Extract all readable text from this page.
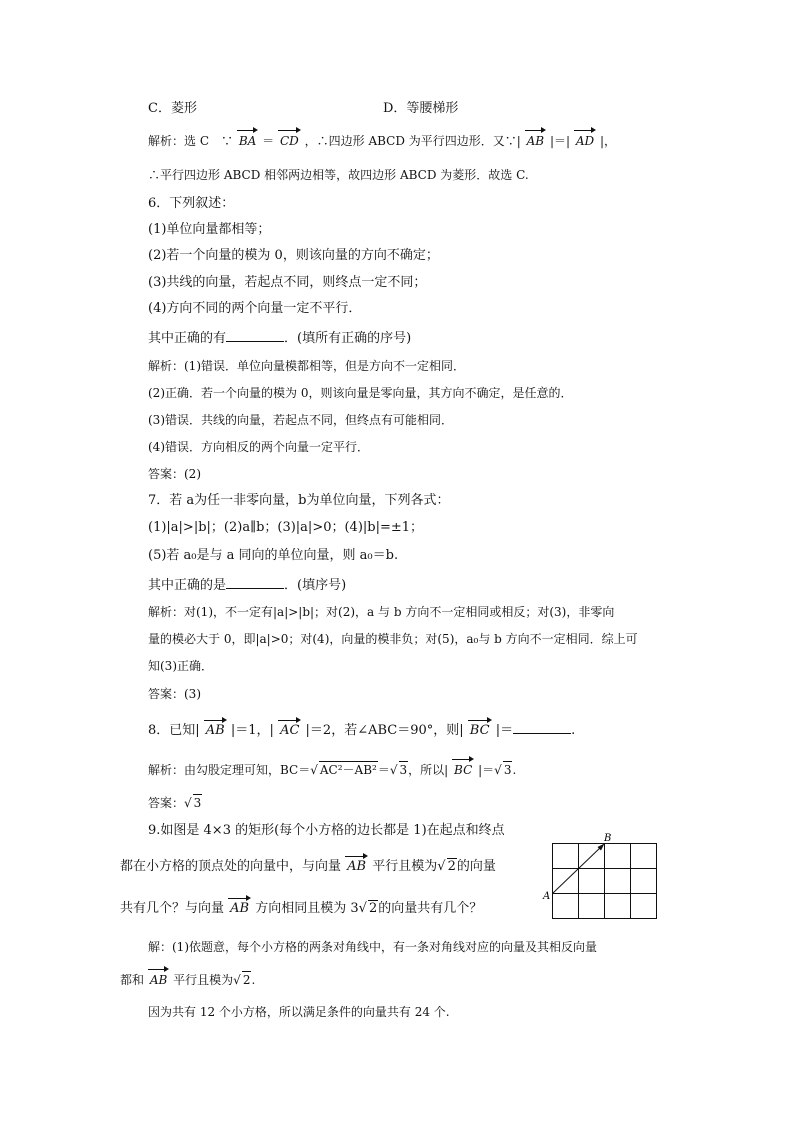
C．菱形	D．等腰梯形
解析：选 C　∵ BA ＝ CD ，∴四边形 ABCD 为平行四边形．又∵| AB |＝| AD |，
∴平行四边形 ABCD 相邻两边相等，故四边形 ABCD 为菱形．故选 C.
6．下列叙述：
(1)单位向量都相等；
(2)若一个向量的模为 0，则该向量的方向不确定；
(3)共线的向量，若起点不同，则终点一定不同；
(4)方向不同的两个向量一定不平行．
其中正确的有	．(填所有正确的序号)
解析：(1)错误．单位向量模都相等，但是方向不一定相同．
(2)正确．若一个向量的模为 0，则该向量是零向量，其方向不确定，是任意的．
(3)错误．共线的向量，若起点不同，但终点有可能相同．
(4)错误．方向相反的两个向量一定平行．
答案：(2)
7．若 a为任一非零向量，b为单位向量，下列各式：
(1)|a|>|b|；(2)a∥b；(3)|a|>0；(4)|b|=±1；
(5)若 a₀是与 a 同向的单位向量，则 a₀＝b.
其中正确的是	．(填序号)
解析：对(1)，不一定有|a|>|b|；对(2)，a 与 b 方向不一定相同或相反；对(3)，非零向
量的模必大于 0，即|a|>0；对(4)，向量的模非负；对(5)，a₀与 b 方向不一定相同．综上可
知(3)正确．
答案：(3)
8．已知| AB |＝1，| AC |＝2，若∠ABC＝90°，则| BC |＝	.
解析：由勾股定理可知，BC＝√ AC²－AB²＝√ 3，所以| BC |＝√ 3.
答案：√ 3
9.如图是 4×3 的矩形(每个小方格的边长都是 1)在起点和终点
都在小方格的顶点处的向量中，与向量 AB 平行且模为√ 2的向量
共有几个？与向量 AB 方向相同且模为 3√ 2的向量共有几个？
A
B
解：(1)依题意，每个小方格的两条对角线中，有一条对角线对应的向量及其相反向量
都和 AB 平行且模为√ 2.
因为共有 12 个小方格，所以满足条件的向量共有 24 个.
